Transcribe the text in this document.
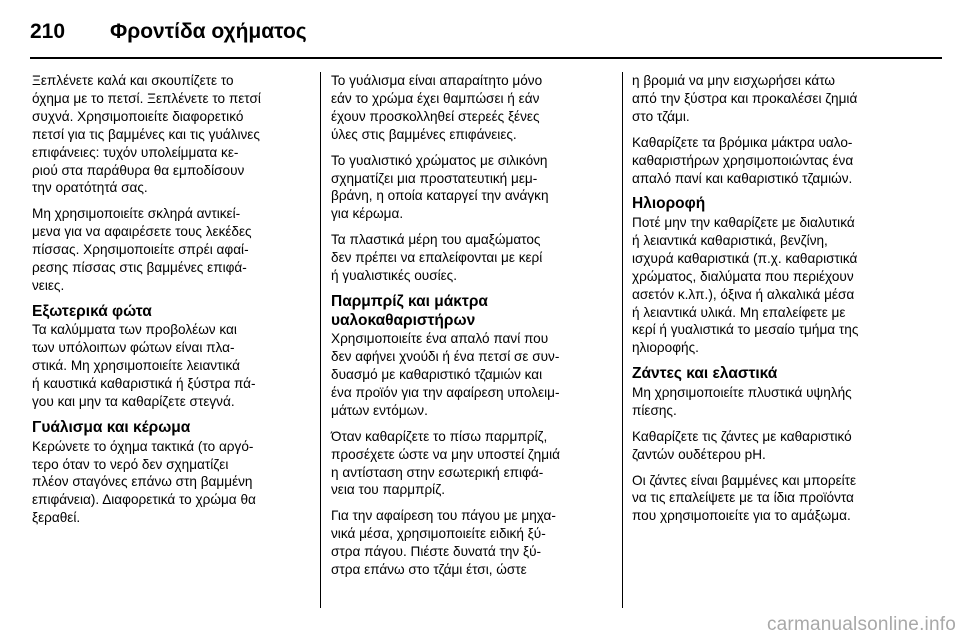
210	Φροντίδα οχήματος

Ξεπλένετε καλά και σκουπίζετε το
όχημα με το πετσί. Ξεπλένετε το πετσί
συχνά. Χρησιμοποιείτε διαφορετικό
πετσί για τις βαμμένες και τις γυάλινες
επιφάνειες: τυχόν υπολείμματα κε-
ριού στα παράθυρα θα εμποδίσουν
την ορατότητά σας.

Μη χρησιμοποιείτε σκληρά αντικεί-
μενα για να αφαιρέσετε τους λεκέδες
πίσσας. Χρησιμοποιείτε σπρέι αφαί-
ρεσης πίσσας στις βαμμένες επιφά-
νειες.

Εξωτερικά φώτα

Τα καλύμματα των προβολέων και
των υπόλοιπων φώτων είναι πλα-
στικά. Μη χρησιμοποιείτε λειαντικά
ή καυστικά καθαριστικά ή ξύστρα πά-
γου και μην τα καθαρίζετε στεγνά.

Γυάλισμα και κέρωμα

Κερώνετε το όχημα τακτικά (το αργό-
τερο όταν το νερό δεν σχηματίζει
πλέον σταγόνες επάνω στη βαμμένη
επιφάνεια). Διαφορετικά το χρώμα θα
ξεραθεί.

Το γυάλισμα είναι απαραίτητο μόνο
εάν το χρώμα έχει θαμπώσει ή εάν
έχουν προσκολληθεί στερεές ξένες
ύλες στις βαμμένες επιφάνειες.

Το γυαλιστικό χρώματος με σιλικόνη
σχηματίζει μια προστατευτική μεμ-
βράνη, η οποία καταργεί την ανάγκη
για κέρωμα.

Τα πλαστικά μέρη του αμαξώματος
δεν πρέπει να επαλείφονται με κερί
ή γυαλιστικές ουσίες.

Παρμπρίζ και μάκτρα
υαλοκαθαριστήρων

Χρησιμοποιείτε ένα απαλό πανί που
δεν αφήνει χνούδι ή ένα πετσί σε συν-
δυασμό με καθαριστικό τζαμιών και
ένα προϊόν για την αφαίρεση υπολειμ-
μάτων εντόμων.

Όταν καθαρίζετε το πίσω παρμπρίζ,
προσέχετε ώστε να μην υποστεί ζημιά
η αντίσταση στην εσωτερική επιφά-
νεια του παρμπρίζ.

Για την αφαίρεση του πάγου με μηχα-
νικά μέσα, χρησιμοποιείτε ειδική ξύ-
στρα πάγου. Πιέστε δυνατά την ξύ-
στρα επάνω στο τζάμι έτσι, ώστε

η βρομιά να μην εισχωρήσει κάτω
από την ξύστρα και προκαλέσει ζημιά
στο τζάμι.

Καθαρίζετε τα βρόμικα μάκτρα υαλο-
καθαριστήρων χρησιμοποιώντας ένα
απαλό πανί και καθαριστικό τζαμιών.

Ηλιοροφή

Ποτέ μην την καθαρίζετε με διαλυτικά
ή λειαντικά καθαριστικά, βενζίνη,
ισχυρά καθαριστικά (π.χ. καθαριστικά
χρώματος, διαλύματα που περιέχουν
ασετόν κ.λπ.), όξινα ή αλκαλικά μέσα
ή λειαντικά υλικά. Μη επαλείφετε με
κερί ή γυαλιστικά το μεσαίο τμήμα της
ηλιοροφής.

Ζάντες και ελαστικά

Μη χρησιμοποιείτε πλυστικά υψηλής
πίεσης.

Καθαρίζετε τις ζάντες με καθαριστικό
ζαντών ουδέτερου pH.

Οι ζάντες είναι βαμμένες και μπορείτε
να τις επαλείψετε με τα ίδια προϊόντα
που χρησιμοποιείτε για το αμάξωμα.

carmanualsonline.info
